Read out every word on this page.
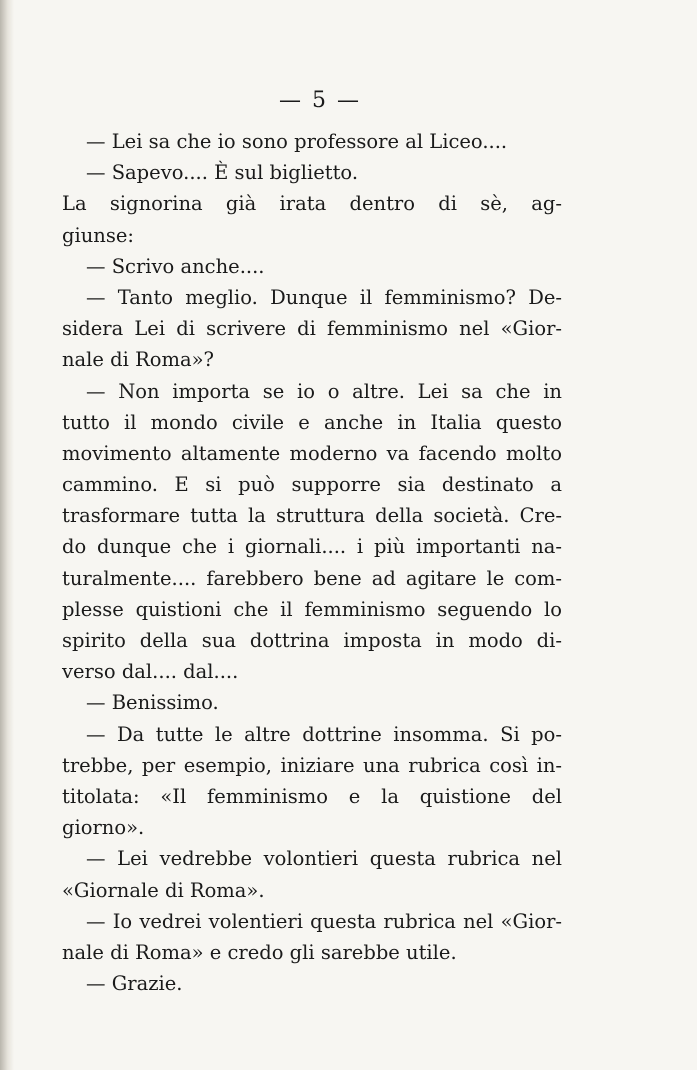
— 5 —
— Lei sa che io sono professore al Liceo....
— Sapevo.... È sul biglietto.
La signorina già irata dentro di sè, ag-
giunse:
— Scrivo anche....
— Tanto meglio. Dunque il femminismo? De-
sidera Lei di scrivere di femminismo nel «Gior-
nale di Roma»?
— Non importa se io o altre. Lei sa che in
tutto il mondo civile e anche in Italia questo
movimento altamente moderno va facendo molto
cammino. E si può supporre sia destinato a
trasformare tutta la struttura della società. Cre-
do dunque che i giornali.... i più importanti na-
turalmente.... farebbero bene ad agitare le com-
plesse quistioni che il femminismo seguendo lo
spirito della sua dottrina imposta in modo di-
verso dal.... dal....
— Benissimo.
— Da tutte le altre dottrine insomma. Si po-
trebbe, per esempio, iniziare una rubrica così in-
titolata: «Il femminismo e la quistione del
giorno».
— Lei vedrebbe volontieri questa rubrica nel
«Giornale di Roma».
— Io vedrei volentieri questa rubrica nel «Gior-
nale di Roma» e credo gli sarebbe utile.
— Grazie.
